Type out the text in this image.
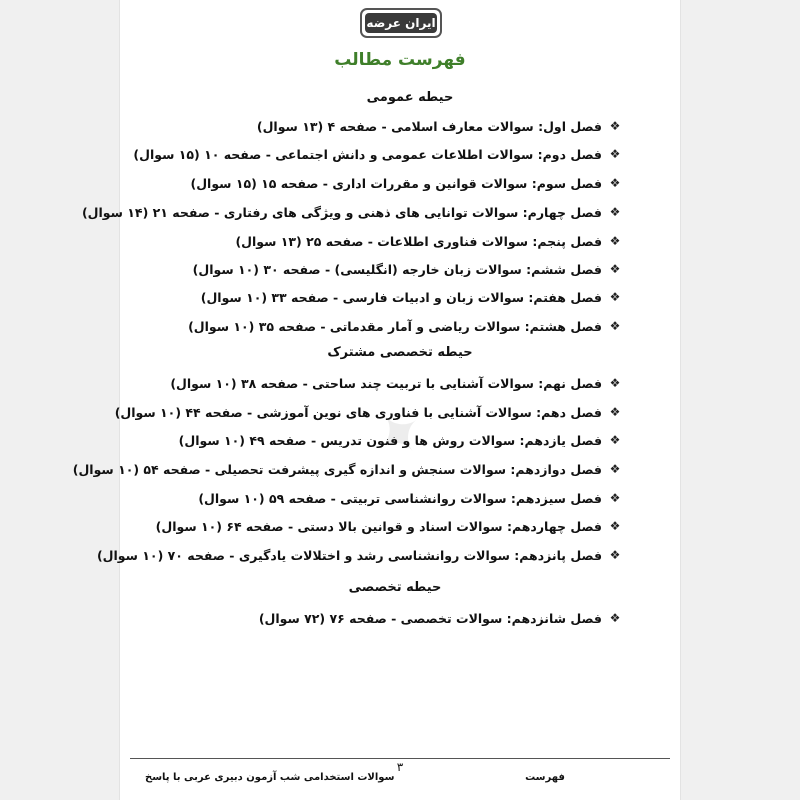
ایران عرضه
فهرست مطالب
حیطه عمومی
❖
فصل اول: سوالات معارف اسلامی - صفحه ۴ (۱۳ سوال)
❖
فصل دوم: سوالات اطلاعات عمومی و دانش اجتماعی - صفحه ۱۰ (۱۵ سوال)
❖
فصل سوم: سوالات قوانین و مقررات اداری - صفحه ۱۵ (۱۵ سوال)
❖
فصل چهارم: سوالات توانایی های ذهنی و ویژگی های رفتاری - صفحه ۲۱ (۱۴ سوال)
❖
فصل پنجم: سوالات فناوری اطلاعات - صفحه ۲۵ (۱۳ سوال)
❖
فصل ششم: سوالات زبان خارجه (انگلیسی) - صفحه ۳۰ (۱۰ سوال)
❖
فصل هفتم: سوالات زبان و ادبیات فارسی - صفحه ۳۳ (۱۰ سوال)
❖
فصل هشتم: سوالات ریاضی و آمار مقدماتی - صفحه ۳۵ (۱۰ سوال)
حیطه تخصصی مشترک
❖
فصل نهم: سوالات آشنایی با تربیت چند ساحتی - صفحه ۳۸ (۱۰ سوال)
❖
فصل دهم: سوالات آشنایی با فناوری های نوین آموزشی - صفحه ۴۴ (۱۰ سوال)
❖
فصل یازدهم: سوالات روش ها و فنون تدریس - صفحه ۴۹ (۱۰ سوال)
❖
فصل دوازدهم: سوالات سنجش و اندازه گیری پیشرفت تحصیلی - صفحه ۵۴ (۱۰ سوال)
❖
فصل سیزدهم: سوالات روانشناسی تربیتی - صفحه ۵۹ (۱۰ سوال)
❖
فصل چهاردهم: سوالات اسناد و قوانین بالا دستی - صفحه ۶۴ (۱۰ سوال)
❖
فصل پانزدهم: سوالات روانشناسی رشد و اختلالات یادگیری - صفحه ۷۰ (۱۰ سوال)
حیطه تخصصی
❖
فصل شانزدهم: سوالات تخصصی - صفحه ۷۶ (۷۲ سوال)
۳
سوالات استخدامی شب آزمون دبیری عربی با پاسخ	فهرست
